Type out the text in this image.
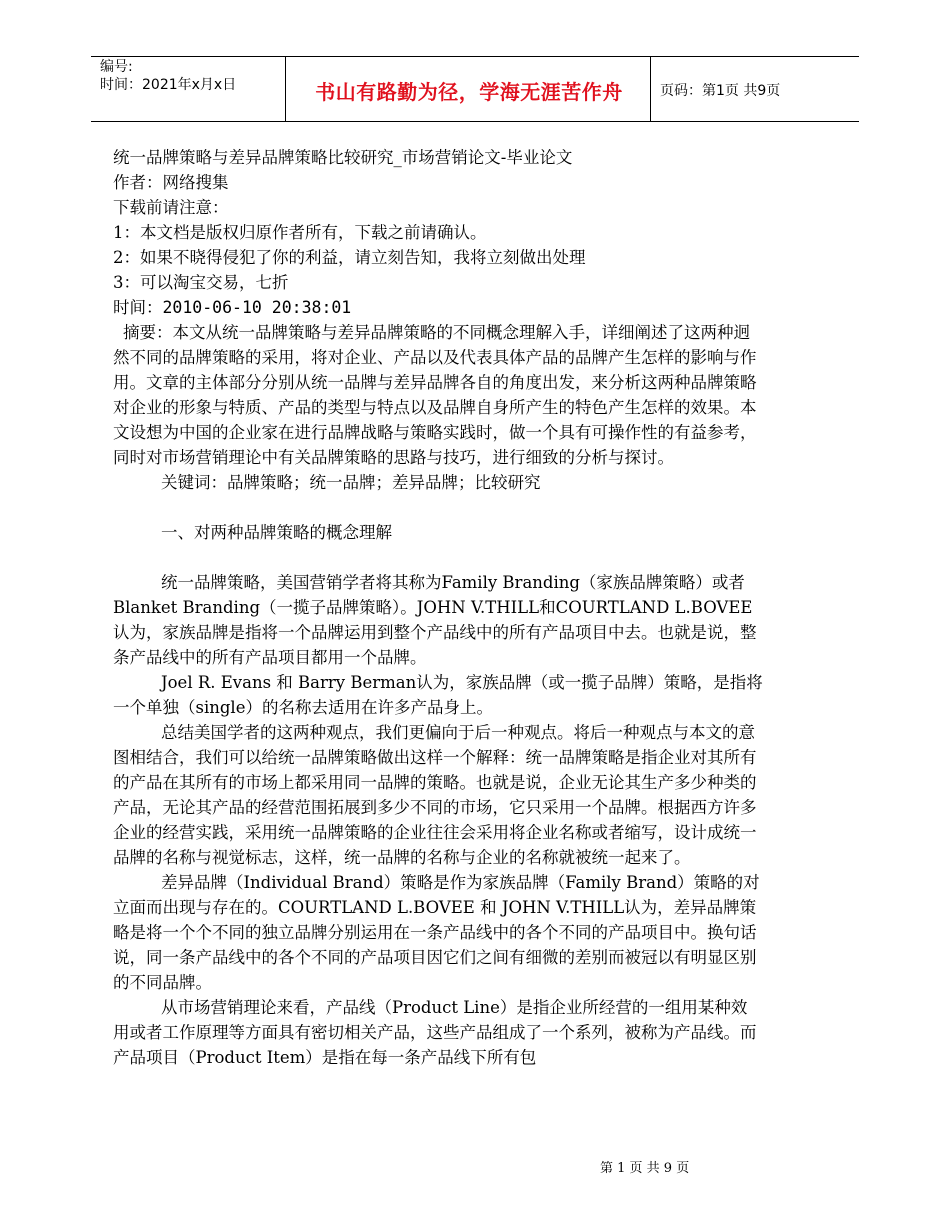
编号:
时间：2021年x月x日	书山有路勤为径，学海无涯苦作舟	页码：第1页 共9页

统一品牌策略与差异品牌策略比较研究_市场营销论文-毕业论文

作者：网络搜集

下载前请注意：

1：本文档是版权归原作者所有，下载之前请确认。

2：如果不晓得侵犯了你的利益，请立刻告知，我将立刻做出处理

3：可以淘宝交易，七折

时间：2010-06-10 20:38:01

摘要：本文从统一品牌策略与差异品牌策略的不同概念理解入手，详细阐述了这两种迥然不同的品牌策略的采用，将对企业、产品以及代表具体产品的品牌产生怎样的影响与作用。文章的主体部分分别从统一品牌与差异品牌各自的角度出发，来分析这两种品牌策略对企业的形象与特质、产品的类型与特点以及品牌自身所产生的特色产生怎样的效果。本文设想为中国的企业家在进行品牌战略与策略实践时，做一个具有可操作性的有益参考，同时对市场营销理论中有关品牌策略的思路与技巧，进行细致的分析与探讨。

关键词：品牌策略；统一品牌；差异品牌；比较研究

一、对两种品牌策略的概念理解

统一品牌策略，美国营销学者将其称为Family Branding（家族品牌策略）或者Blanket Branding（一揽子品牌策略）。JOHN V.THILL和COURTLAND L.BOVEE认为，家族品牌是指将一个品牌运用到整个产品线中的所有产品项目中去。也就是说，整条产品线中的所有产品项目都用一个品牌。

Joel R. Evans 和 Barry Berman认为，家族品牌（或一揽子品牌）策略，是指将一个单独（single）的名称去适用在许多产品身上。

总结美国学者的这两种观点，我们更偏向于后一种观点。将后一种观点与本文的意图相结合，我们可以给统一品牌策略做出这样一个解释：统一品牌策略是指企业对其所有的产品在其所有的市场上都采用同一品牌的策略。也就是说，企业无论其生产多少种类的产品，无论其产品的经营范围拓展到多少不同的市场，它只采用一个品牌。根据西方许多企业的经营实践，采用统一品牌策略的企业往往会采用将企业名称或者缩写，设计成统一品牌的名称与视觉标志，这样，统一品牌的名称与企业的名称就被统一起来了。

差异品牌（Individual Brand）策略是作为家族品牌（Family Brand）策略的对立面而出现与存在的。COURTLAND L.BOVEE 和 JOHN V.THILL认为，差异品牌策略是将一个个不同的独立品牌分别运用在一条产品线中的各个不同的产品项目中。换句话说，同一条产品线中的各个不同的产品项目因它们之间有细微的差别而被冠以有明显区别的不同品牌。

从市场营销理论来看，产品线（Product Line）是指企业所经营的一组用某种效用或者工作原理等方面具有密切相关产品，这些产品组成了一个系列，被称为产品线。而产品项目（Product Item）是指在每一条产品线下所有包

第 1 页 共 9 页
